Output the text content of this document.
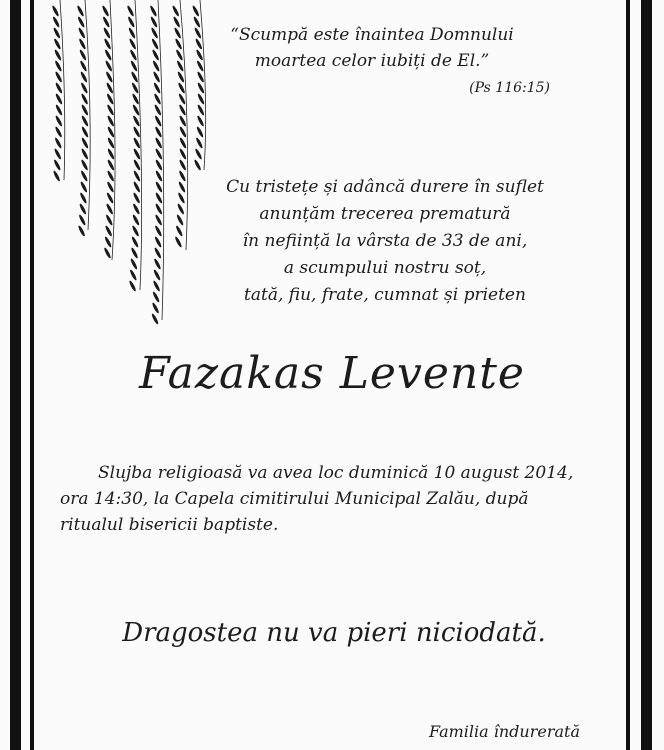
“Scumpă este înaintea Domnului
moartea celor iubiți de El.”
(Ps 116:15)
Cu tristețe și adâncă durere în suflet
anunțăm trecerea prematură
în neființă la vârsta de 33 de ani,
a scumpului nostru soț,
tată, fiu, frate, cumnat și prieten
Fazakas Levente
Slujba religioasă va avea loc duminică 10 august 2014,
ora 14:30, la Capela cimitirului Municipal Zalău, după
ritualul bisericii baptiste.
Dragostea nu va pieri niciodată.
Familia îndurerată
